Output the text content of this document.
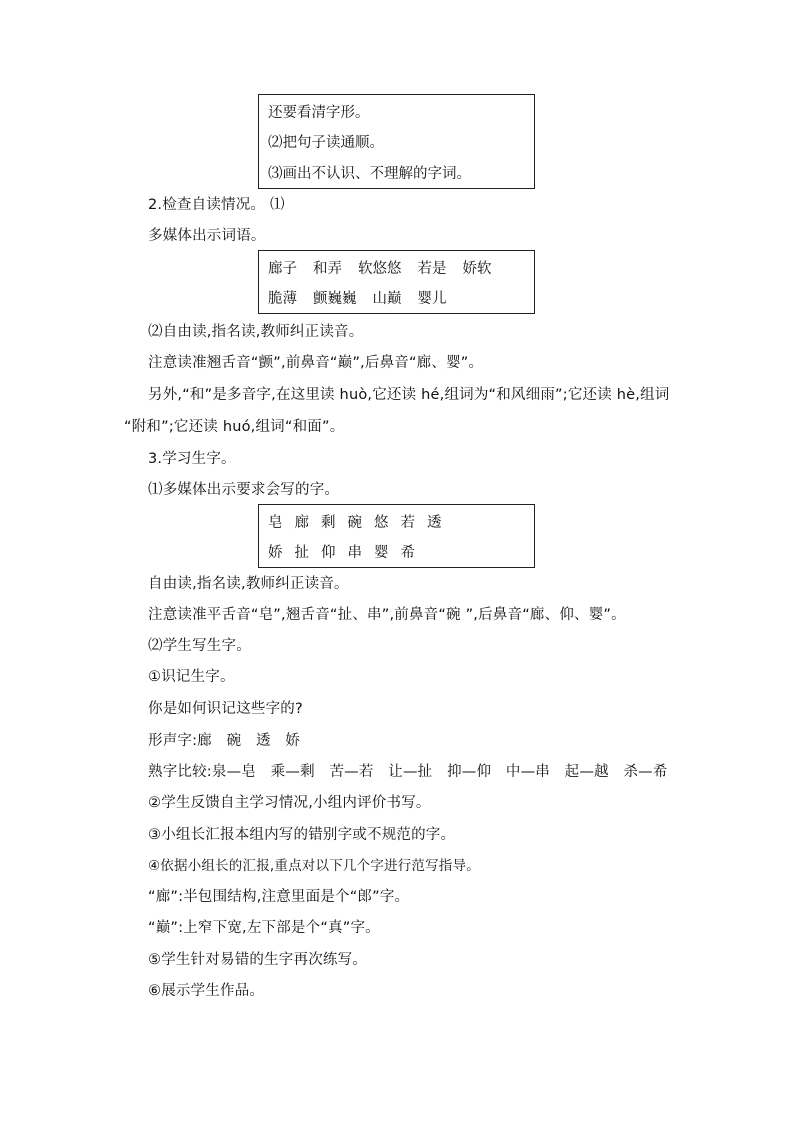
还要看清字形。
⑵把句子读通顺。
⑶画出不认识、不理解的字词。
2.检查自读情况。 ⑴
多媒体出示词语。
廊子 和弄 软悠悠 若是 娇软
脆薄 颤巍巍 山巅 婴儿
⑵自由读,指名读,教师纠正读音。
注意读准翘舌音“颤”,前鼻音“巅”,后鼻音“廊、婴”。
另外,“和”是多音字,在这里读 huò,它还读 hé,组词为“和风细雨”;它还读 hè,组词
“附和”;它还读 huó,组词“和面”。
3.学习生字。
⑴多媒体出示要求会写的字。
皂 廊 剩 碗 悠 若 透
娇 扯 仰 串 婴 希
自由读,指名读,教师纠正读音。
注意读准平舌音“皂”,翘舌音“扯、串”,前鼻音“碗 ”,后鼻音“廊、仰、婴”。
⑵学生写生字。
①识记生字。
你是如何识记这些字的?
形声字:廊　碗　透　娇
熟字比较:泉—皂　乘—剩　苦—若　让—扯　抑—仰　中—串　起—越　杀—希
②学生反馈自主学习情况,小组内评价书写。
③小组长汇报本组内写的错别字或不规范的字。
④依据小组长的汇报,重点对以下几个字进行范写指导。
“廊”:半包围结构,注意里面是个“郎”字。
“巅”:上窄下宽,左下部是个“真”字。
⑤学生针对易错的生字再次练写。
⑥展示学生作品。
